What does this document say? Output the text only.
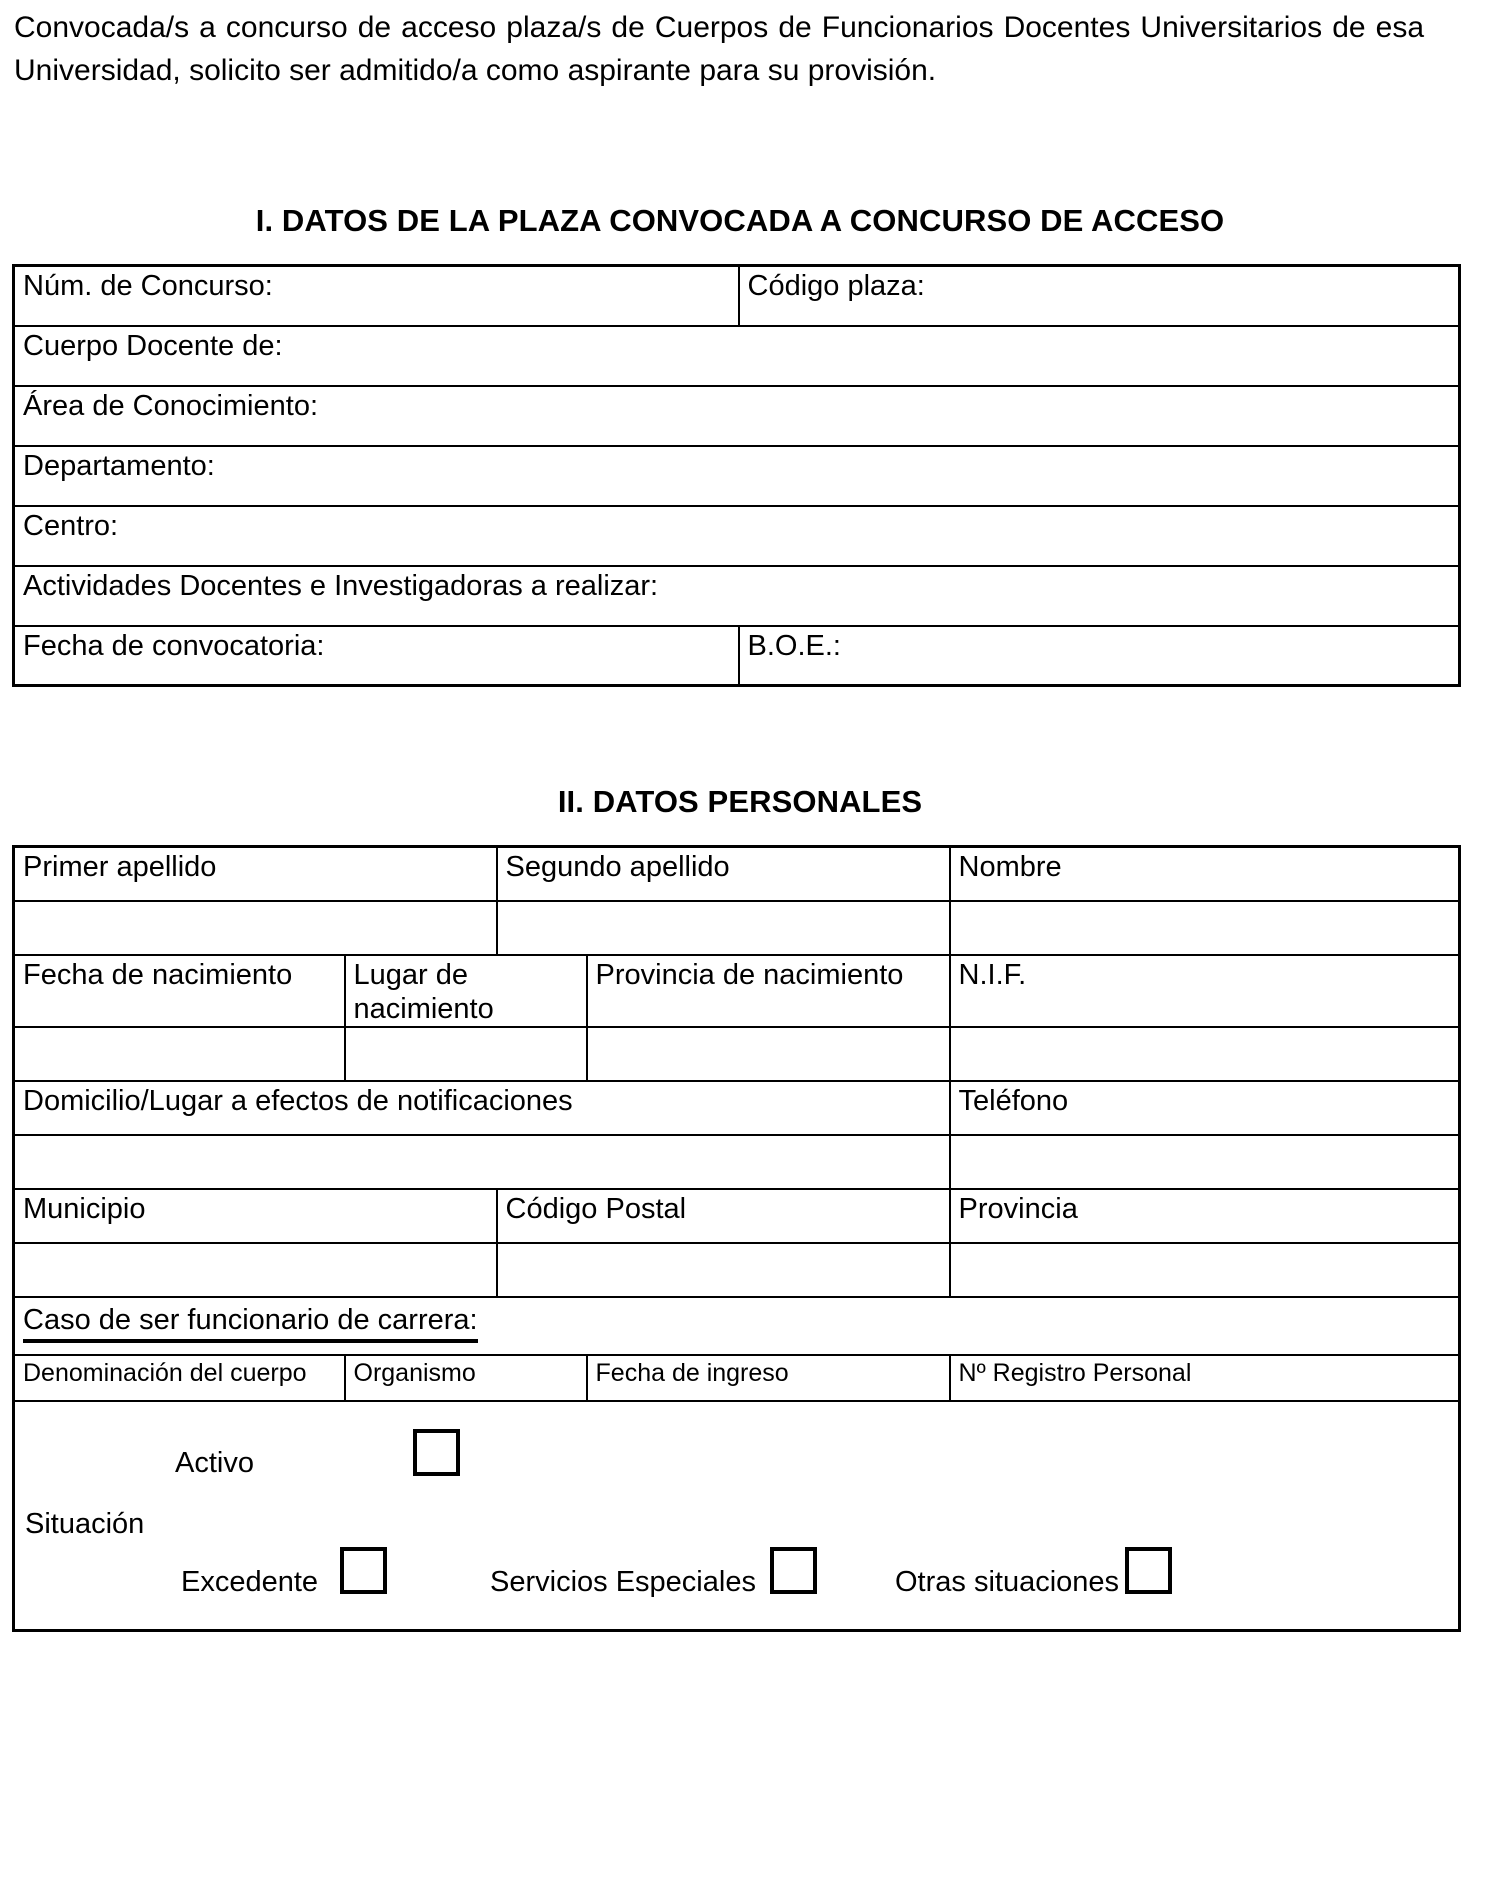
Convocada/s a concurso de acceso plaza/s de Cuerpos de Funcionarios Docentes Universitarios de esa Universidad, solicito ser admitido/a como aspirante para su provisión.
I. DATOS DE LA PLAZA CONVOCADA A CONCURSO DE ACCESO
Núm. de Concurso:	Código plaza:
Cuerpo Docente de:	
Área de Conocimiento:	
Departamento:	
Centro:	
Actividades Docentes e Investigadoras a realizar:	
Fecha de convocatoria:	B.O.E.:
II. DATOS PERSONALES
Primer apellido		Segundo apellido		Nombre

Fecha de nacimiento	Lugar de nacimiento		Provincia de nacimiento	N.I.F.

Domicilio/Lugar a efectos de notificaciones				Teléfono

Municipio		Código Postal		Provincia

Caso de ser funcionario de carrera:				
Denominación del cuerpo	Organismo		Fecha de ingreso	Nº Registro Personal

Situación
Activo
Excedente Servicios Especiales Otras situaciones				
